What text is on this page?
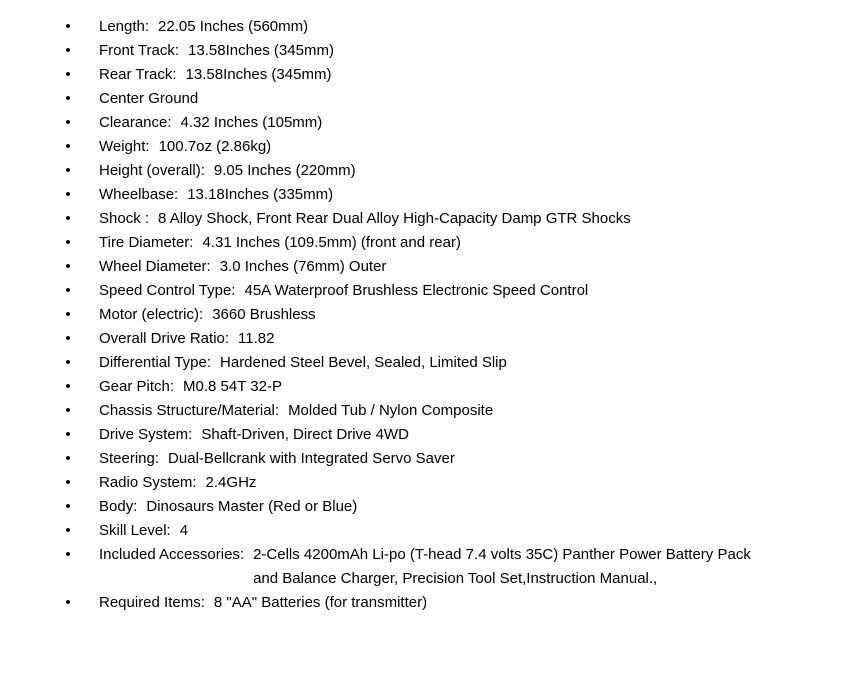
• Length: 22.05 Inches (560mm)
• Front Track: 13.58Inches (345mm)
• Rear Track: 13.58Inches (345mm)
• Center Ground
• Clearance: 4.32 Inches (105mm)
• Weight: 100.7oz (2.86kg)
• Height (overall): 9.05 Inches (220mm)
• Wheelbase: 13.18Inches (335mm)
• Shock : 8 Alloy Shock, Front Rear Dual Alloy High-Capacity Damp GTR Shocks
• Tire Diameter: 4.31 Inches (109.5mm) (front and rear)
• Wheel Diameter: 3.0 Inches (76mm) Outer
• Speed Control Type: 45A Waterproof Brushless Electronic Speed Control
• Motor (electric): 3660 Brushless
• Overall Drive Ratio: 11.82
• Differential Type: Hardened Steel Bevel, Sealed, Limited Slip
• Gear Pitch: M0.8 54T 32-P
• Chassis Structure/Material: Molded Tub / Nylon Composite
• Drive System: Shaft-Driven, Direct Drive 4WD
• Steering: Dual-Bellcrank with Integrated Servo Saver
• Radio System: 2.4GHz
• Body: Dinosaurs Master (Red or Blue)
• Skill Level: 4
• Included Accessories: 2-Cells 4200mAh Li-po (T-head 7.4 volts 35C) Panther Power Battery Pack
and Balance Charger, Precision Tool Set,Instruction Manual.,
• Required Items: 8 "AA" Batteries (for transmitter)
